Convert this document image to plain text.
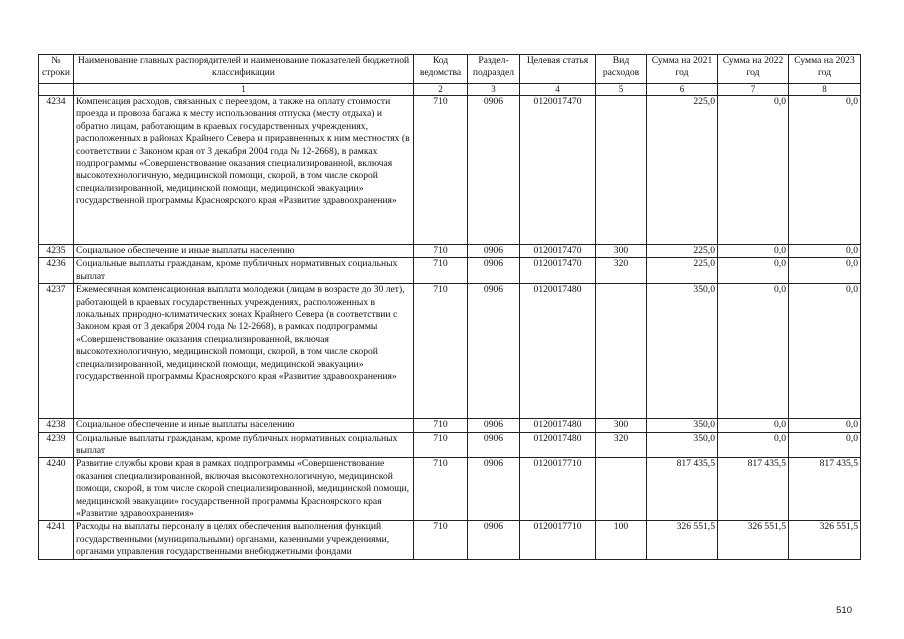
№ строки	Наименование главных распорядителей и наименование показателей бюджетной классификации	Код ведомства	Раздел-подраздел	Целевая статья	Вид расходов	Сумма на 2021 год	Сумма на 2022 год	Сумма на 2023 год
	1	2	3	4	5	6	7	8
4234	Компенсация расходов, связанных с переездом, а также на оплату стоимости проезда и провоза багажа к месту использования отпуска (месту отдыха) и обратно лицам, работающим в краевых государственных учреждениях, расположенных в районах Крайнего Севера и приравненных к ним местностях (в соответствии с Законом края от 3 декабря 2004 года № 12-2668), в рамках подпрограммы «Совершенствование оказания специализированной, включая высокотехнологичную, медицинской помощи, скорой, в том числе скорой специализированной, медицинской помощи, медицинской эвакуации» государственной программы Красноярского края «Развитие здравоохранения»	710	0906	0120017470		225,0	0,0	0,0
4235	Социальное обеспечение и иные выплаты населению	710	0906	0120017470	300	225,0	0,0	0,0
4236	Социальные выплаты гражданам, кроме публичных нормативных социальных выплат	710	0906	0120017470	320	225,0	0,0	0,0
4237	Ежемесячная компенсационная выплата молодежи (лицам в возрасте до 30 лет), работающей в краевых государственных учреждениях, расположенных в локальных природно-климатических зонах Крайнего Севера (в соответствии с Законом края от 3 декабря 2004 года № 12-2668), в рамках подпрограммы «Совершенствование оказания специализированной, включая высокотехнологичную, медицинской помощи, скорой, в том числе скорой специализированной, медицинской помощи, медицинской эвакуации» государственной программы Красноярского края «Развитие здравоохранения»	710	0906	0120017480		350,0	0,0	0,0
4238	Социальное обеспечение и иные выплаты населению	710	0906	0120017480	300	350,0	0,0	0,0
4239	Социальные выплаты гражданам, кроме публичных нормативных социальных выплат	710	0906	0120017480	320	350,0	0,0	0,0
4240	Развитие службы крови края в рамках подпрограммы «Совершенствование оказания специализированной, включая высокотехнологичную, медицинской помощи, скорой, в том числе скорой специализированной, медицинской помощи, медицинской эвакуации» государственной программы Красноярского края «Развитие здравоохранения»	710	0906	0120017710		817 435,5	817 435,5	817 435,5
4241	Расходы на выплаты персоналу в целях обеспечения выполнения функций государственными (муниципальными) органами, казенными учреждениями, органами управления государственными внебюджетными фондами	710	0906	0120017710	100	326 551,5	326 551,5	326 551,5
510
